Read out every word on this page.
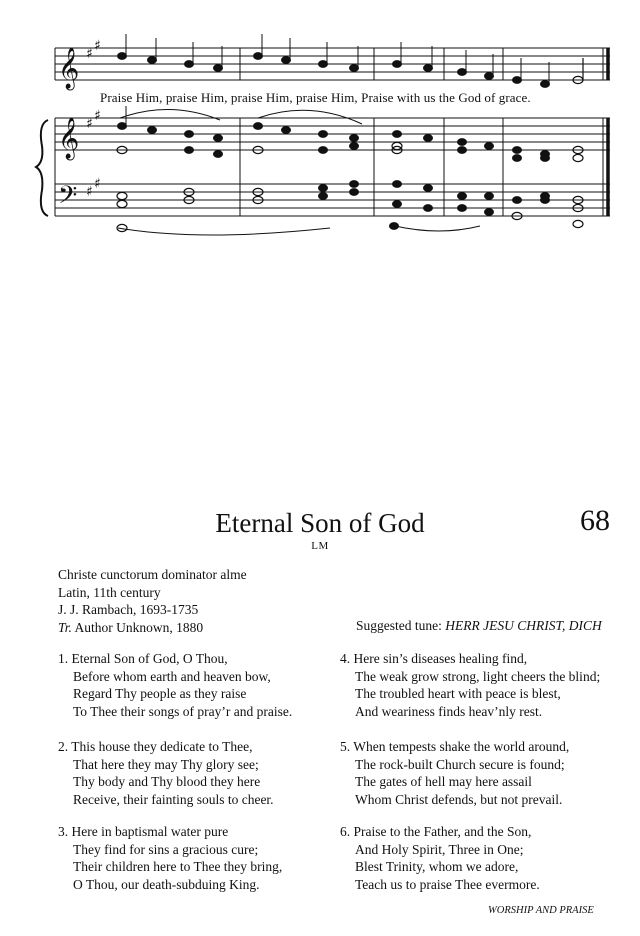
𝄞
𝄞
𝄢
♯ ♯
♯ ♯
♯ ♯
Praise Him, praise Him, praise Him, praise Him, Praise with us the God of grace.
Eternal Son of God	68
LM
Christe cunctorum dominator alme
Latin, 11th century
J. J. Rambach, 1693-1735
Tr. Author Unknown, 1880	Suggested tune: HERR JESU CHRIST, DICH
1. Eternal Son of God, O Thou,
Before whom earth and heaven bow,
Regard Thy people as they raise
To Thee their songs of pray’r and praise.
2. This house they dedicate to Thee,
That here they may Thy glory see;
Thy body and Thy blood they here
Receive, their fainting souls to cheer.
3. Here in baptismal water pure
They find for sins a gracious cure;
Their children here to Thee they bring,
O Thou, our death-subduing King.
4. Here sin’s diseases healing find,
The weak grow strong, light cheers the blind;
The troubled heart with peace is blest,
And weariness finds heav’nly rest.
5. When tempests shake the world around,
The rock-built Church secure is found;
The gates of hell may here assail
Whom Christ defends, but not prevail.
6. Praise to the Father, and the Son,
And Holy Spirit, Three in One;
Blest Trinity, whom we adore,
Teach us to praise Thee evermore.
WORSHIP AND PRAISE
